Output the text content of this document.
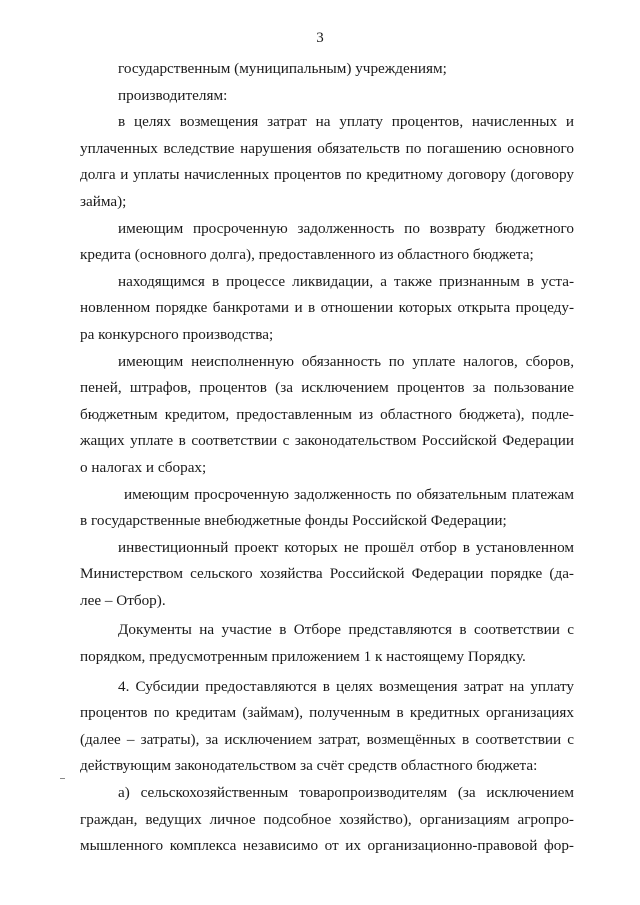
3
государственным (муниципальным) учреждениям;
производителям:
в целях возмещения затрат на уплату процентов, начисленных и
уплаченных вследствие нарушения обязательств по погашению основного
долга и уплаты начисленных процентов по кредитному договору (договору
займа);
имеющим просроченную задолженность по возврату бюджетного
кредита (основного долга), предоставленного из областного бюджета;
находящимся в процессе ликвидации, а также признанным в уста-
новленном порядке банкротами и в отношении которых открыта процеду-
ра конкурсного производства;
имеющим неисполненную обязанность по уплате налогов, сборов,
пеней, штрафов, процентов (за исключением процентов за пользование
бюджетным кредитом, предоставленным из областного бюджета), подле-
жащих уплате в соответствии с законодательством Российской Федерации
о налогах и сборах;
имеющим просроченную задолженность по обязательным платежам
в государственные внебюджетные фонды Российской Федерации;
инвестиционный проект которых не прошёл отбор в установленном
Министерством сельского хозяйства Российской Федерации порядке (да-
лее – Отбор).
Документы на участие в Отборе представляются в соответствии с
порядком, предусмотренным приложением 1 к настоящему Порядку.
4. Субсидии предоставляются в целях возмещения затрат на уплату
процентов по кредитам (займам), полученным в кредитных организациях
(далее – затраты), за исключением затрат, возмещённых в соответствии с
действующим законодательством за счёт средств областного бюджета:
а) сельскохозяйственным товаропроизводителям (за исключением
граждан, ведущих личное подсобное хозяйство), организациям агропро-
мышленного комплекса независимо от их организационно-правовой фор-
